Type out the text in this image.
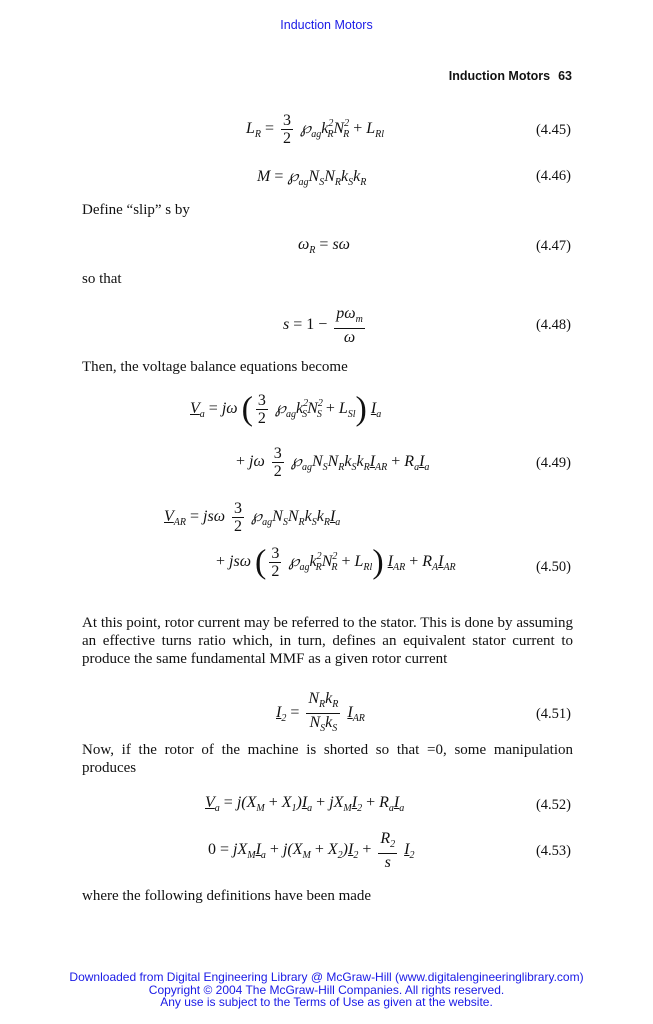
Induction Motors
Induction Motors 63
$L_R = \frac{3}{2}$ $℘_{ag}k^2_RN^2_R + L_{Rl}$	(4.45)
$M = ℘_{ag}N_SN_Rk_Sk_R$	(4.46)
Define “slip” s by
$\omega_R = s\omega$	(4.47)
so that
$s = 1 - \frac{p\omega_m}{\omega}$	(4.48)
Then, the voltage balance equations become
$V_a = j\omega$ ( $\frac{3}{2}$ $℘_{ag}k^2_SN^2_S + L_{Sl}$) $I_a$
+ jω $\frac{3}{2}$ $℘_{ag}N_SN_Rk_Sk_RI_{AR} + R_aI_a$	(4.49)
$V_{AR} = js\omega \frac{3}{2}$ $℘_{ag}N_SN_Rk_Sk_RI_a$
+ jsω ( $\frac{3}{2}$ $℘_{ag}k^2_RN^2_R + L_{Rl}$) $I_{AR} + R_AI_{AR}$	(4.50)
At this point, rotor current may be referred to the stator. This is done by assuming an effective turns ratio which, in turn, defines an equivalent stator current to produce the same fundamental MMF as a given rotor current
$I_2 = \frac{N_Rk_R}{N_Sk_S} I_{AR}$	(4.51)
Now, if the rotor of the machine is shorted so that =0, some manipulation produces
$V_a = j(X_M + X_1)I_a + jX_MI_2 + R_aI_a$	(4.52)
$0 = jX_MI_a + j(X_M + X_2)I_2 + \frac{R_2}{s} I_2$	(4.53)
where the following definitions have been made
Downloaded from Digital Engineering Library @ McGraw-Hill (www.digitalengineeringlibrary.com)
Copyright © 2004 The McGraw-Hill Companies. All rights reserved.
Any use is subject to the Terms of Use as given at the website.
